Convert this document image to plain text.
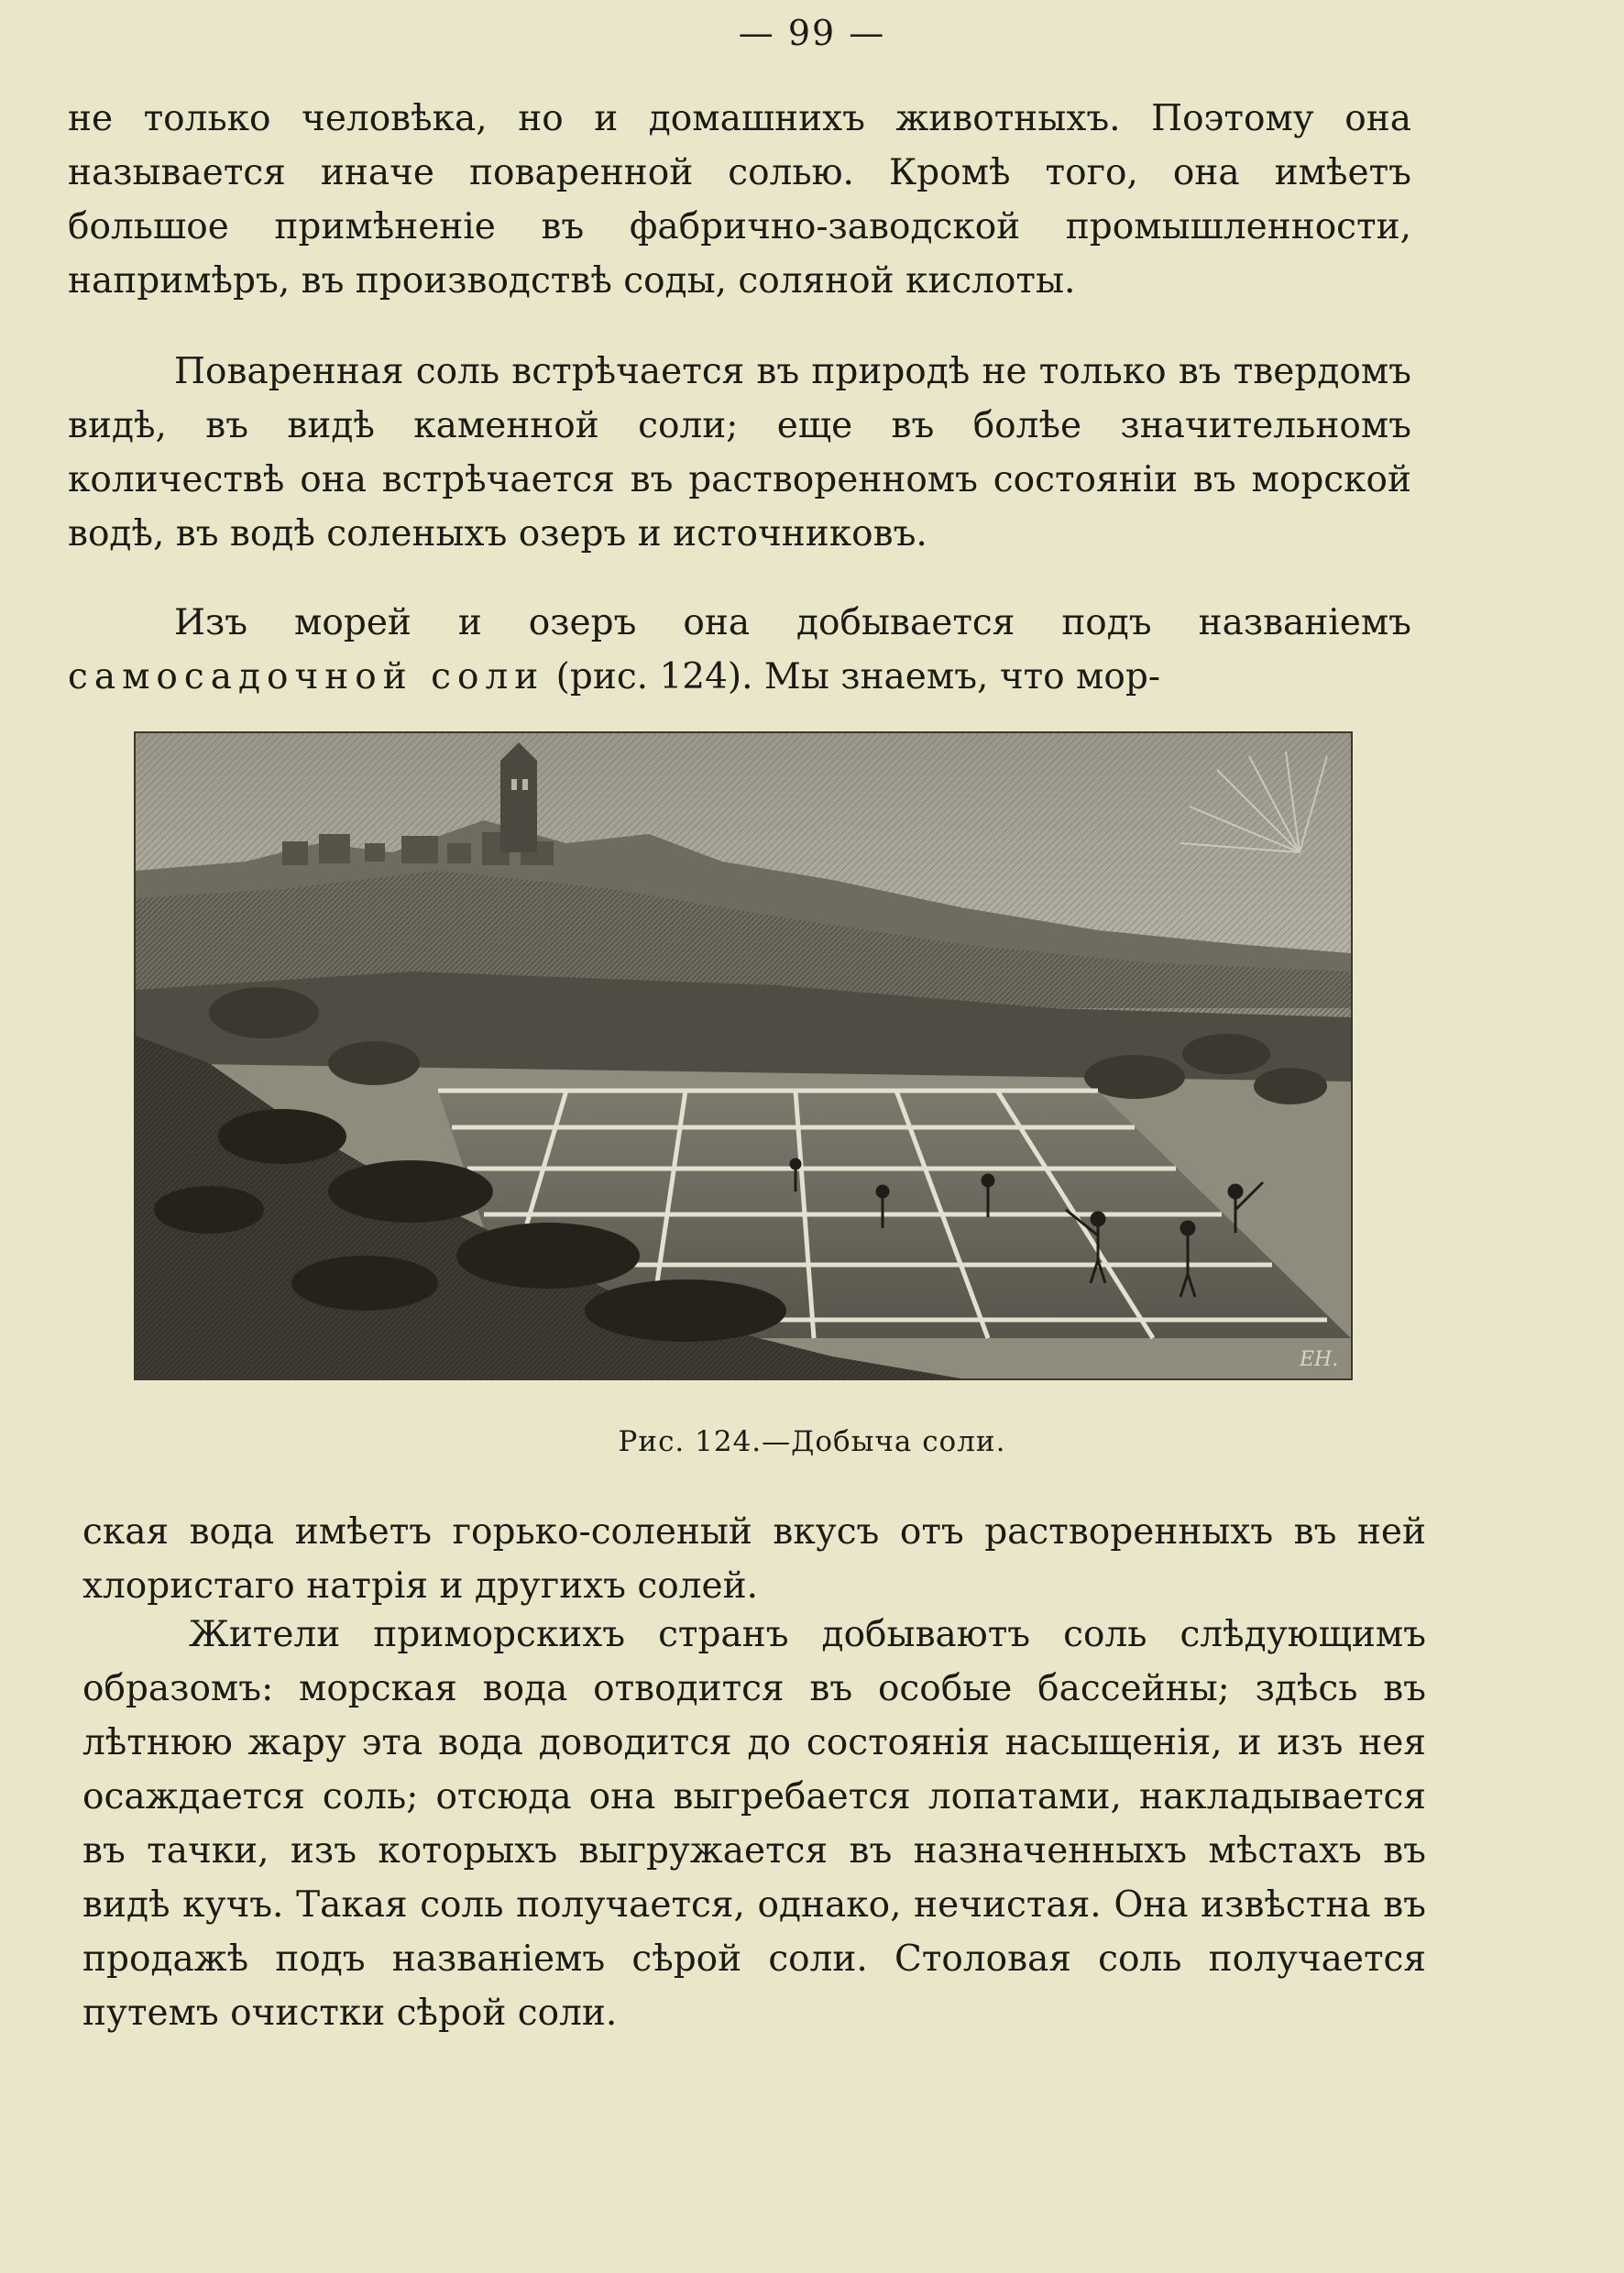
— 99 —

не только человѣка, но и домашнихъ животныхъ. Поэтому она называется иначе поваренной солью. Кромѣ того, она имѣетъ большое примѣненіе въ фабрично-заводской промышленности, напримѣръ, въ производствѣ соды, соляной кислоты.

Поваренная соль встрѣчается въ природѣ не только въ твердомъ видѣ, въ видѣ каменной соли; еще въ болѣе значительномъ количествѣ она встрѣчается въ растворенномъ состояніи въ морской водѣ, въ водѣ соленыхъ озеръ и источниковъ.

Изъ морей и озеръ она добывается подъ названіемъ самосадочной соли (рис. 124). Мы знаемъ, что мор-

EH.
Рис. 124.—Добыча соли.

ская вода имѣетъ горько-соленый вкусъ отъ растворенныхъ въ ней хлористаго натрія и другихъ солей.

Жители приморскихъ странъ добываютъ соль слѣдующимъ образомъ: морская вода отводится въ особые бассейны; здѣсь въ лѣтнюю жару эта вода доводится до состоянія насыщенія, и изъ нея осаждается соль; отсюда она выгребается лопатами, накладывается въ тачки, изъ которыхъ выгружается въ назначенныхъ мѣстахъ въ видѣ кучъ. Такая соль получается, однако, нечистая. Она извѣстна въ продажѣ подъ названіемъ сѣрой соли. Столовая соль получается путемъ очистки сѣрой соли.
